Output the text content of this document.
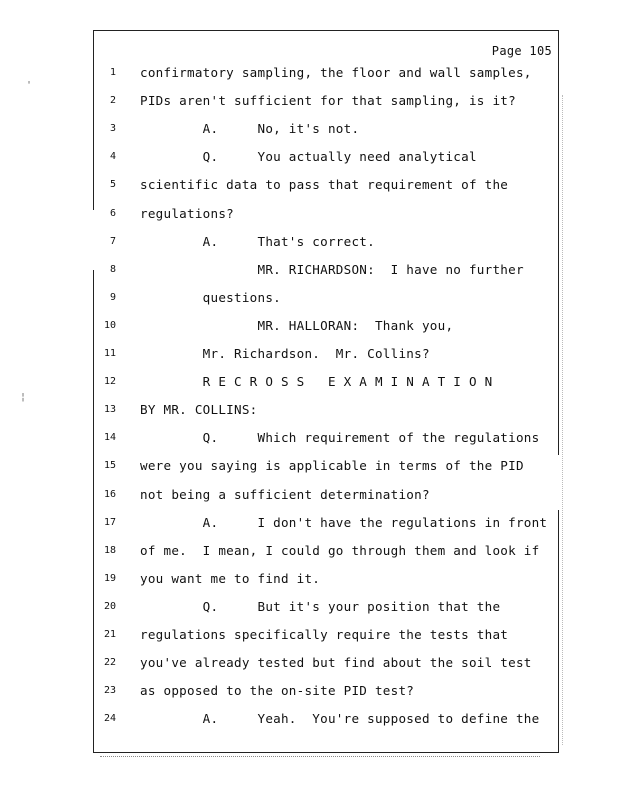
'
¦
Page 105
1 confirmatory sampling, the floor and wall samples,
2 PIDs aren't sufficient for that sampling, is it?
3 A.     No, it's not.
4 Q.     You actually need analytical
5 scientific data to pass that requirement of the
6 regulations?
7 A.     That's correct.
8 MR. RICHARDSON:  I have no further
9 questions.
10 MR. HALLORAN:  Thank you,
11 Mr. Richardson.  Mr. Collins?
12 R E C R O S S   E X A M I N A T I O N
13 BY MR. COLLINS:
14 Q.     Which requirement of the regulations
15 were you saying is applicable in terms of the PID
16 not being a sufficient determination?
17 A.     I don't have the regulations in front
18 of me.  I mean, I could go through them and look if
19 you want me to find it.
20 Q.     But it's your position that the
21 regulations specifically require the tests that
22 you've already tested but find about the soil test
23 as opposed to the on-site PID test?
24 A.     Yeah.  You're supposed to define the
